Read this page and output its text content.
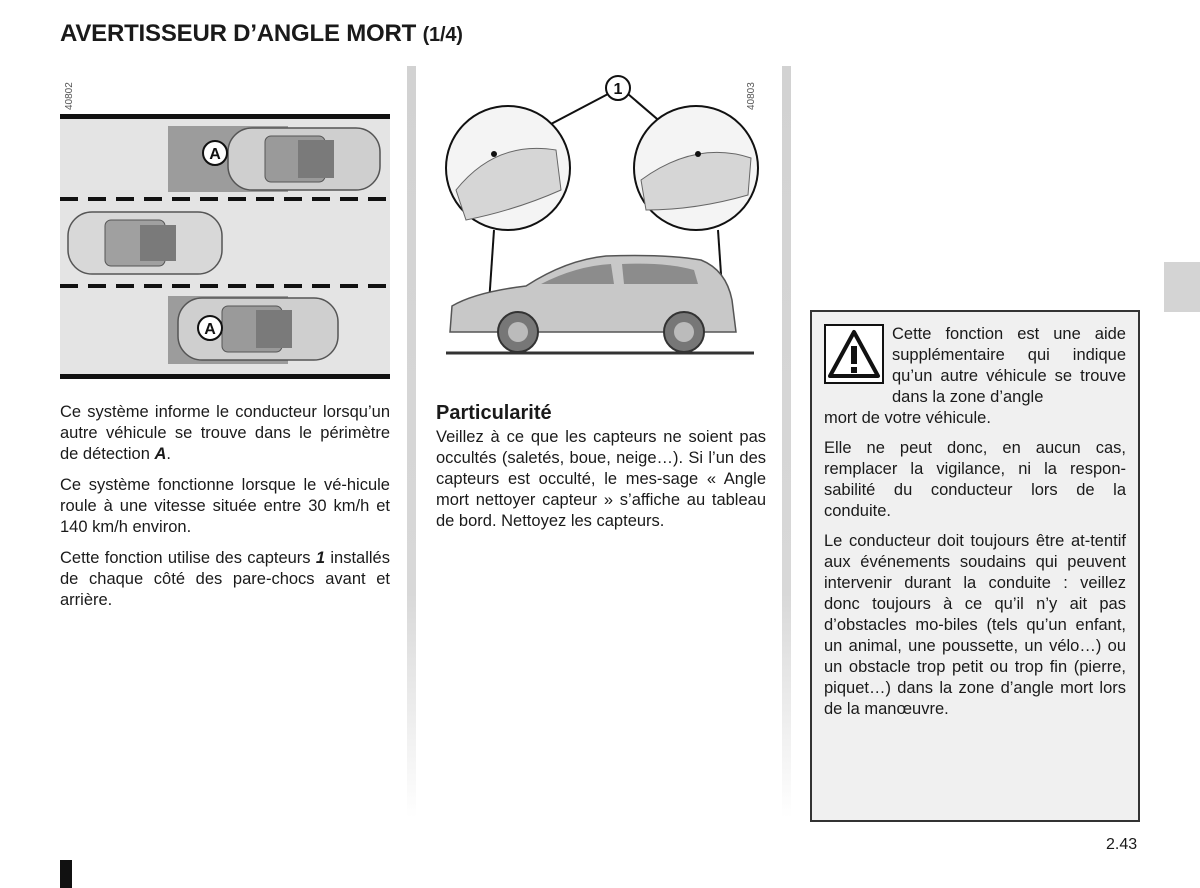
AVERTISSEUR D’ANGLE MORT (1/4)
40802
A
A
40803
1

Ce système informe le conducteur lorsqu’un autre véhicule se trouve dans le périmètre de détection A.

Ce système fonctionne lorsque le vé-hicule roule à une vitesse située entre 30 km/h et 140 km/h environ.

Cette fonction utilise des capteurs 1 installés de chaque côté des pare-chocs avant et arrière.

Particularité

Veillez à ce que les capteurs ne soient pas occultés (saletés, boue, neige…). Si l’un des capteurs est occulté, le mes-sage « Angle mort nettoyer capteur » s’affiche au tableau de bord. Nettoyez les capteurs.

Cette fonction est une aide supplémentaire qui indique qu’un autre véhicule se trouve dans la zone d’angle
mort de votre véhicule.

Elle ne peut donc, en aucun cas, remplacer la vigilance, ni la respon-sabilité du conducteur lors de la conduite.

Le conducteur doit toujours être at-tentif aux événements soudains qui peuvent intervenir durant la conduite : veillez donc toujours à ce qu’il n’y ait pas d’obstacles mo-biles (tels qu’un enfant, un animal, une poussette, un vélo…) ou un obstacle trop petit ou trop fin (pierre, piquet…) dans la zone d’angle mort lors de la manœuvre.

2.43
